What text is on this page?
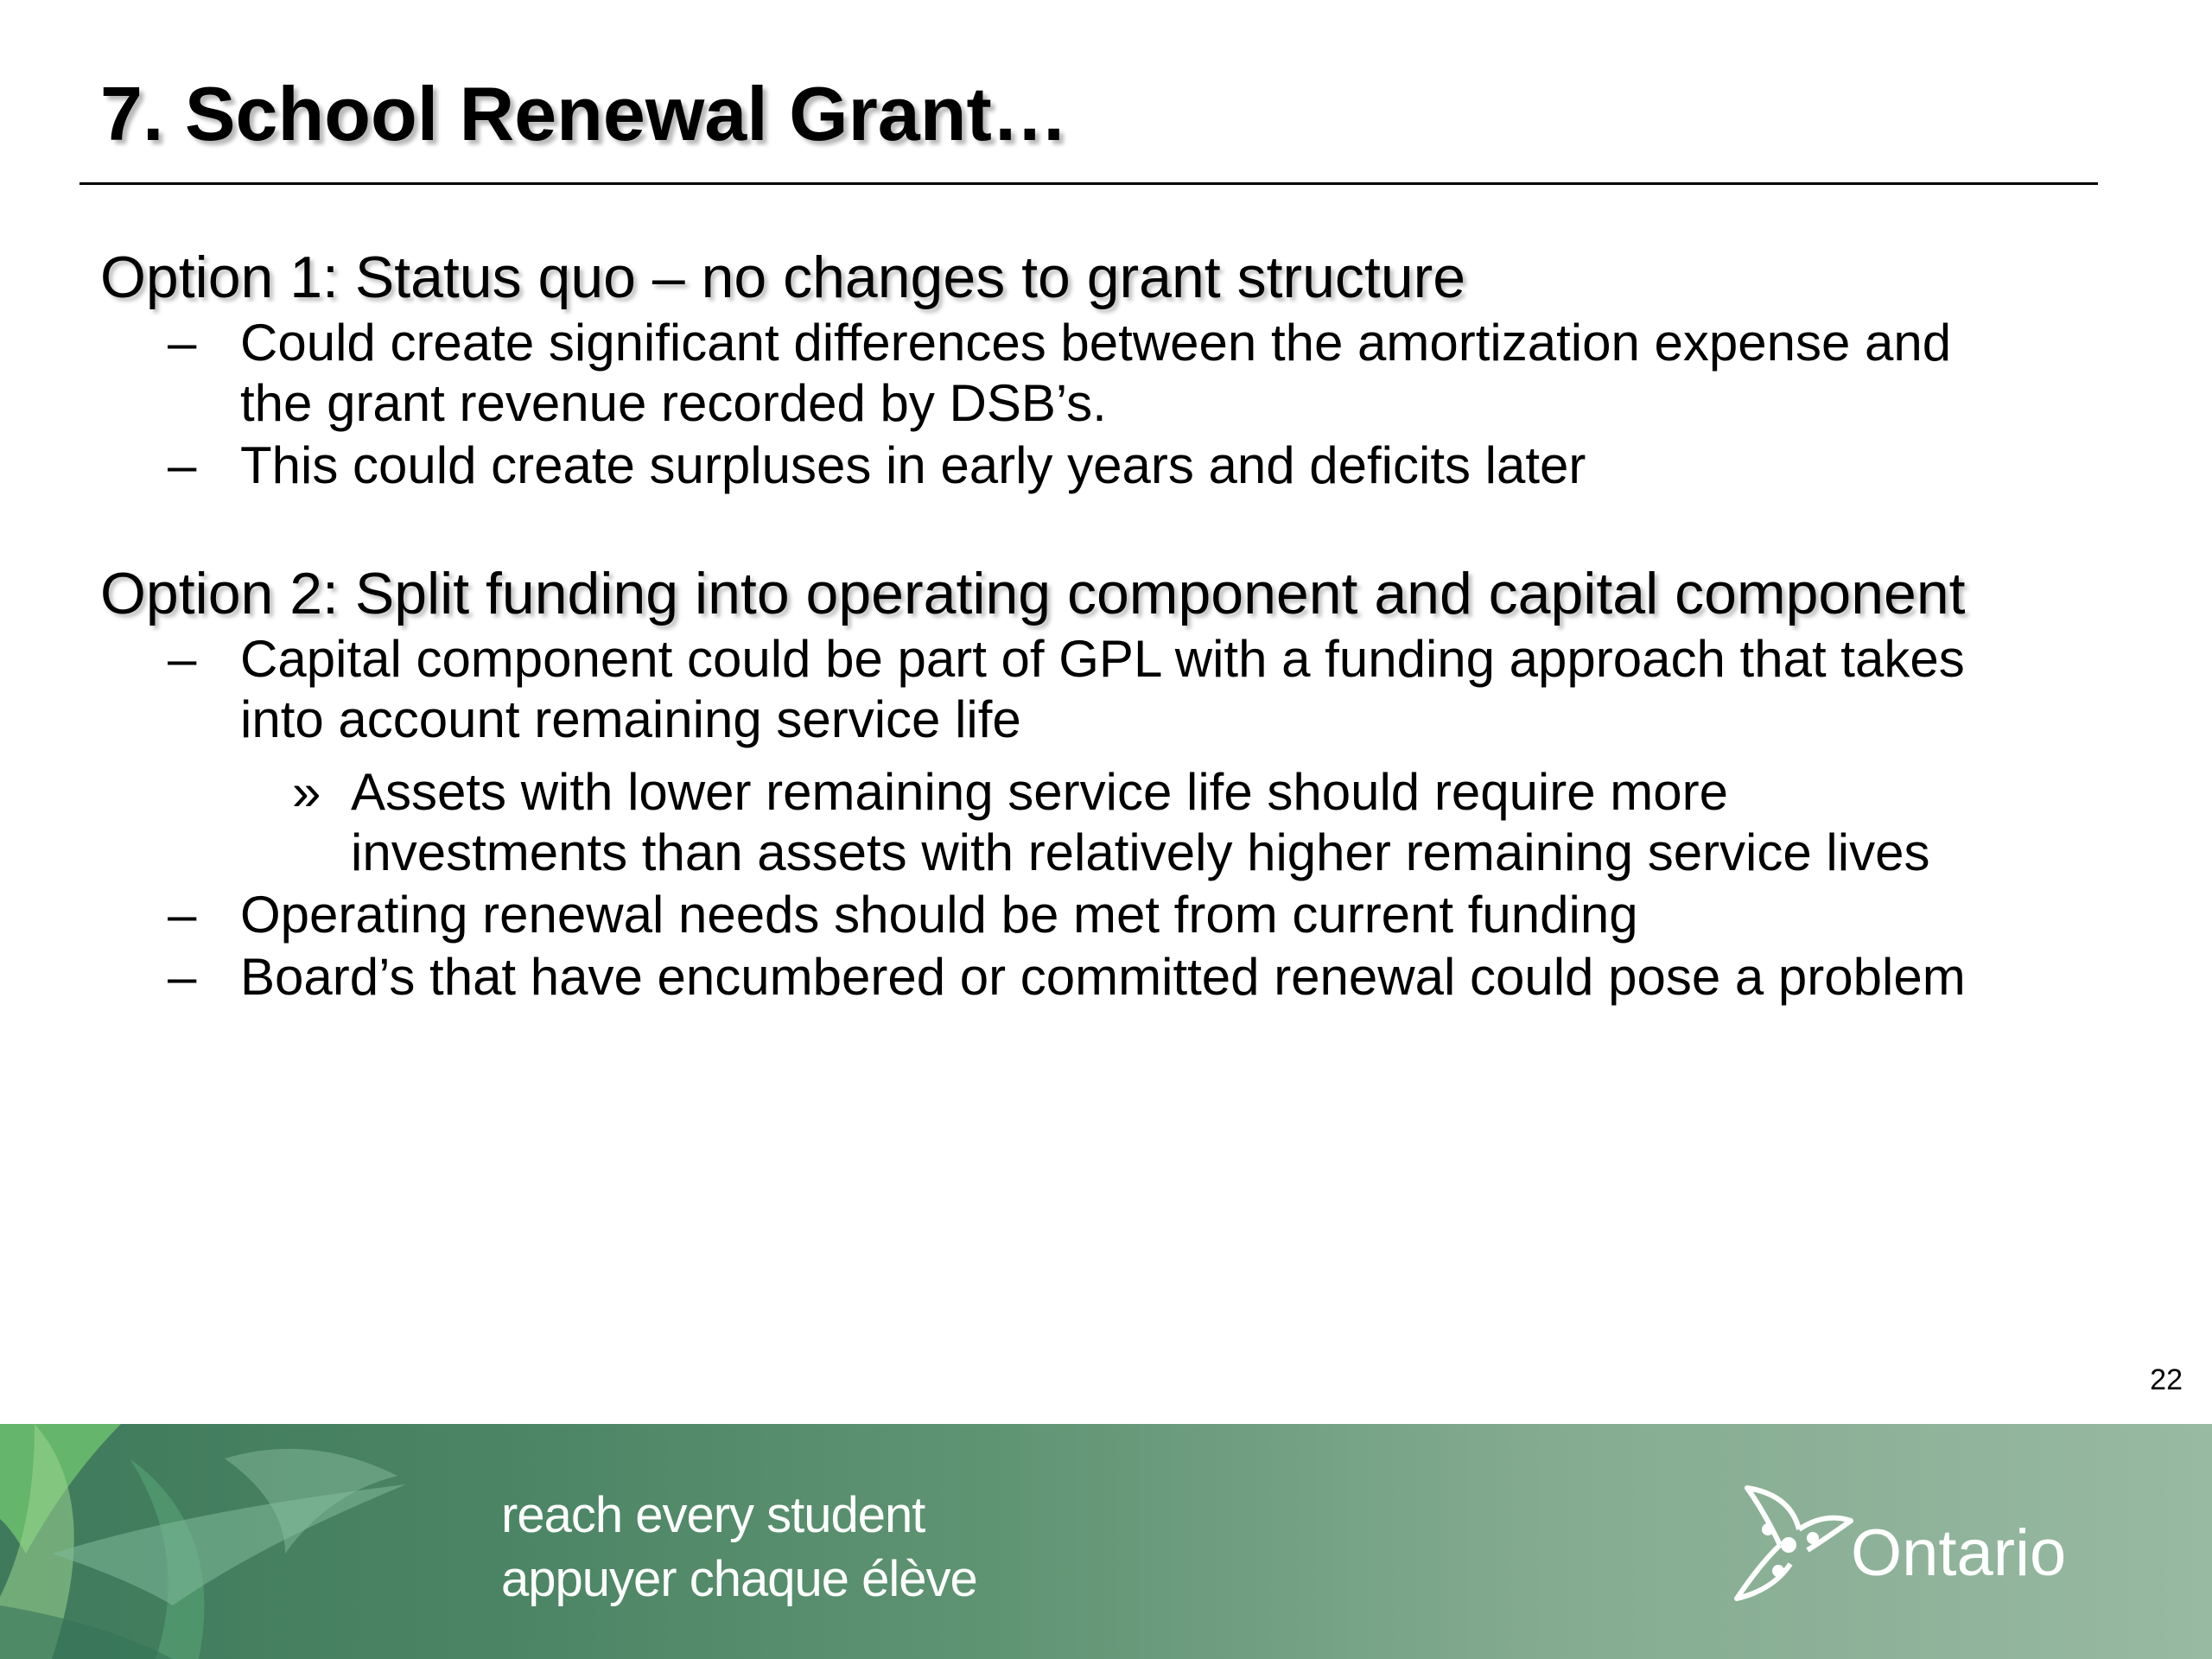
7. School Renewal Grant…

Option 1: Status quo – no changes to grant structure

– Could create significant differences between the amortization expense and
the grant revenue recorded by DSB’s.
– This could create surpluses in early years and deficits later

Option 2: Split funding into operating component and capital component

– Capital component could be part of GPL with a funding approach that takes
into account remaining service life
» Assets with lower remaining service life should require more
investments than assets with relatively higher remaining service lives
– Operating renewal needs should be met from current funding
– Board’s that have encumbered or committed renewal could pose a problem
22
reach every student
appuyer chaque élève	Ontario
